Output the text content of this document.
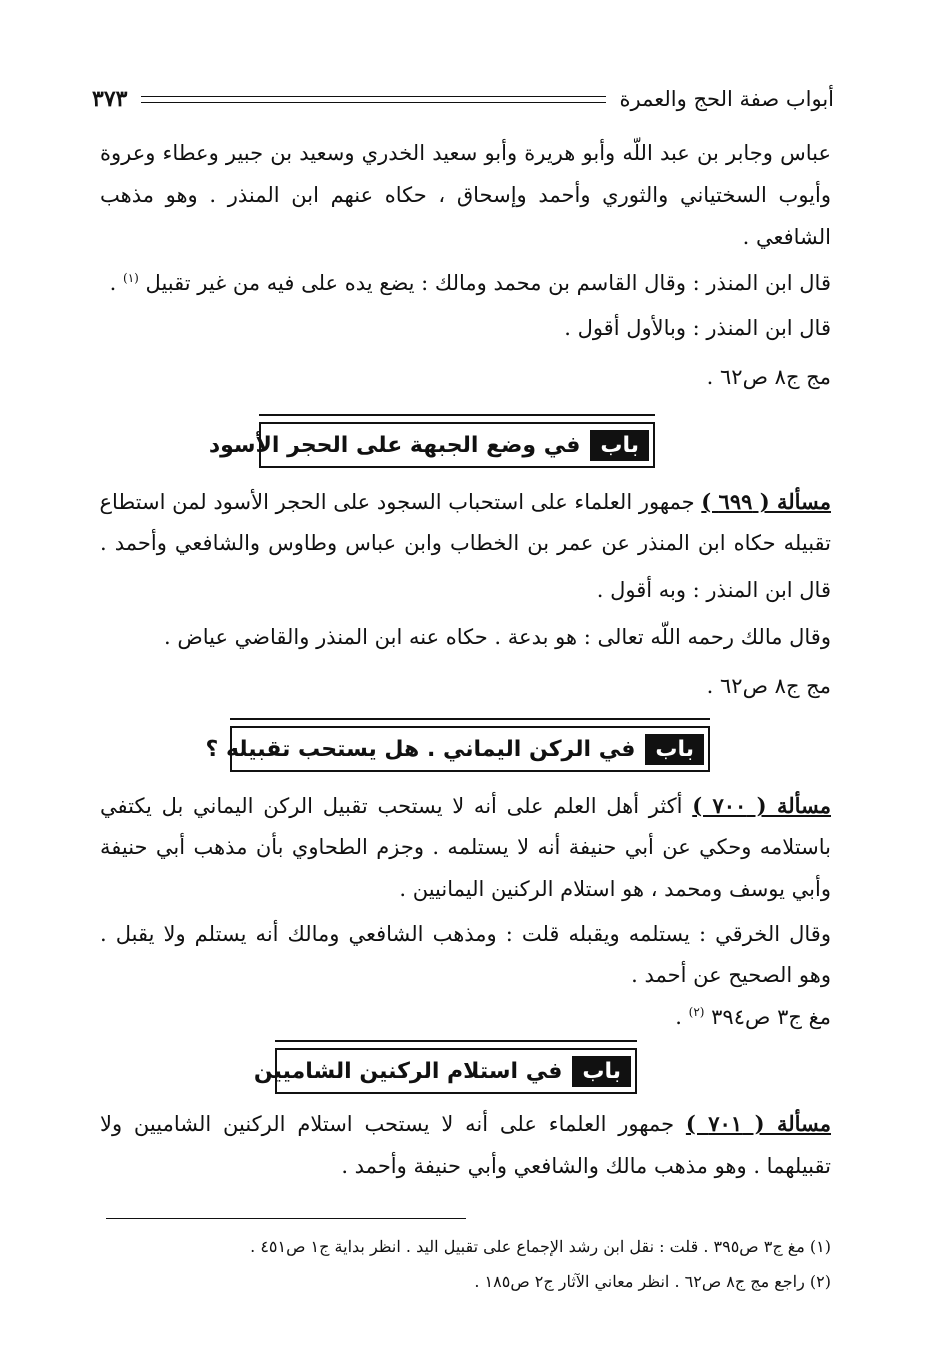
أبواب صفة الحج والعمرة
٣٧٣
عباس وجابر بن عبد اللّه وأبو هريرة وأبو سعيد الخدري وسعيد بن جبير وعطاء وعروة
وأيوب السختياني والثوري وأحمد وإسحاق ، حكاه عنهم ابن المنذر . وهو مذهب
الشافعي .
قال ابن المنذر : وقال القاسم بن محمد ومالك : يضع يده على فيه من غير تقبيل $^{(١)}$ .
قال ابن المنذر : وبالأول أقول .
مج ج٨ ص٦٢ .
باب
في وضع الجبهة على الحجر الأسود
مسألة ( ٦٩٩ ) جمهور العلماء على استحباب السجود على الحجر الأسود لمن استطاع
تقبيله حكاه ابن المنذر عن عمر بن الخطاب وابن عباس وطاوس والشافعي وأحمد .
قال ابن المنذر : وبه أقول .
وقال مالك رحمه اللّه تعالى : هو بدعة . حكاه عنه ابن المنذر والقاضي عياض .
مج ج٨ ص٦٢ .
باب
في الركن اليماني . هل يستحب تقبيله ؟
مسألة ( ٧٠٠ ) أكثر أهل العلم على أنه لا يستحب تقبيل الركن اليماني بل يكتفي
باستلامه وحكي عن أبي حنيفة أنه لا يستلمه . وجزم الطحاوي بأن مذهب أبي حنيفة
وأبي يوسف ومحمد ، هو استلام الركنين اليمانيين .
وقال الخرقي : يستلمه ويقبله قلت : ومذهب الشافعي ومالك أنه يستلم ولا يقبل .
وهو الصحيح عن أحمد .
مغ ج٣ ص٣٩٤ $^{(٢)}$ .
باب
في استلام الركنين الشاميين
مسألة ( ٧٠١ ) جمهور العلماء على أنه لا يستحب استلام الركنين الشاميين ولا
تقبيلهما . وهو مذهب مالك والشافعي وأبي حنيفة وأحمد .
(١) مغ ج٣ ص٣٩٥ . قلت : نقل ابن رشد الإجماع على تقبيل اليد . انظر بداية ج١ ص٤٥١ .
(٢) راجع مج ج٨ ص٦٢ . انظر معاني الآثار ج٢ ص١٨٥ .
